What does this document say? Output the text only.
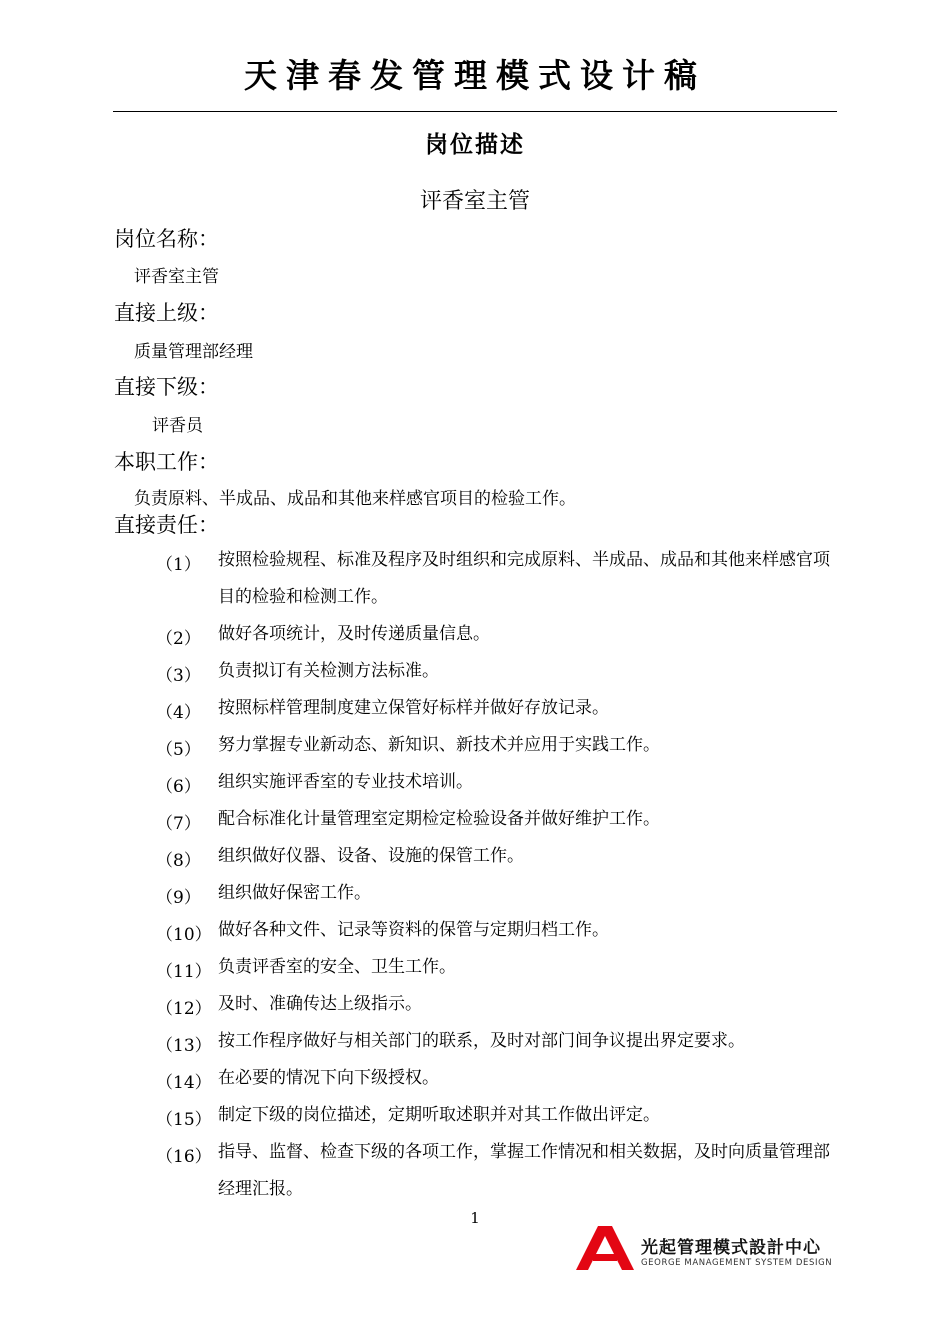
天津春发管理模式设计稿
岗位描述
评香室主管
岗位名称：
评香室主管
直接上级：
质量管理部经理
直接下级：
评香员
本职工作：
负责原料、半成品、成品和其他来样感官项目的检验工作。
直接责任：
（1） 按照检验规程、标准及程序及时组织和完成原料、半成品、成品和其他来样感官项目的检验和检测工作。
（2） 做好各项统计，及时传递质量信息。
（3） 负责拟订有关检测方法标准。
（4） 按照标样管理制度建立保管好标样并做好存放记录。
（5） 努力掌握专业新动态、新知识、新技术并应用于实践工作。
（6） 组织实施评香室的专业技术培训。
（7） 配合标准化计量管理室定期检定检验设备并做好维护工作。
（8） 组织做好仪器、设备、设施的保管工作。
（9） 组织做好保密工作。
（10） 做好各种文件、记录等资料的保管与定期归档工作。
（11） 负责评香室的安全、卫生工作。
（12） 及时、准确传达上级指示。
（13） 按工作程序做好与相关部门的联系，及时对部门间争议提出界定要求。
（14） 在必要的情况下向下级授权。
（15） 制定下级的岗位描述，定期听取述职并对其工作做出评定。
（16） 指导、监督、检查下级的各项工作，掌握工作情况和相关数据，及时向质量管理部经理汇报。
1
光起管理模式設計中心
GEORGE MANAGEMENT SYSTEM DESIGN
